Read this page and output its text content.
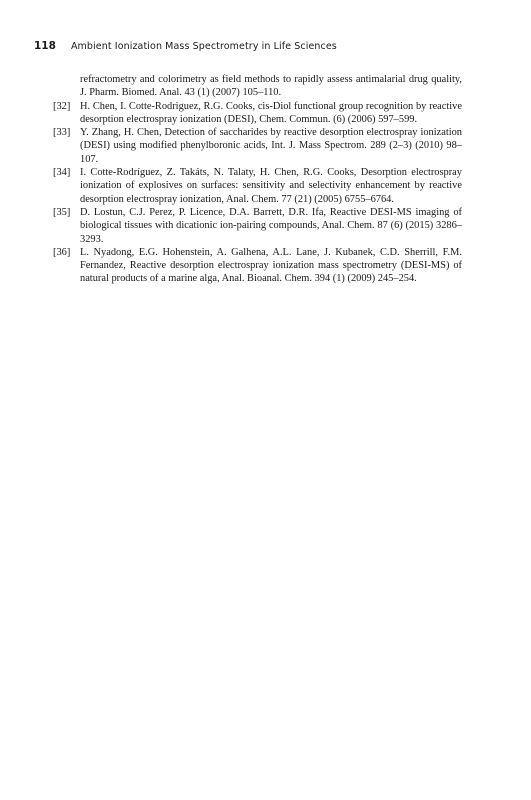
118 Ambient Ionization Mass Spectrometry in Life Sciences

refractometry and colorimetry as field methods to rapidly assess antimalarial drug quality, J. Pharm. Biomed. Anal. 43 (1) (2007) 105–110.

[32] H. Chen, I. Cotte-Rodriguez, R.G. Cooks, cis-Diol functional group recognition by reactive desorption electrospray ionization (DESI), Chem. Commun. (6) (2006) 597–599.

[33] Y. Zhang, H. Chen, Detection of saccharides by reactive desorption electrospray ionization (DESI) using modified phenylboronic acids, Int. J. Mass Spectrom. 289 (2–3) (2010) 98–107.

[34] I. Cotte-Rodríguez, Z. Takáts, N. Talaty, H. Chen, R.G. Cooks, Desorption electrospray ionization of explosives on surfaces: sensitivity and selectivity enhancement by reactive desorption electrospray ionization, Anal. Chem. 77 (21) (2005) 6755–6764.

[35] D. Lostun, C.J. Perez, P. Licence, D.A. Barrett, D.R. Ifa, Reactive DESI-MS imaging of biological tissues with dicationic ion-pairing compounds, Anal. Chem. 87 (6) (2015) 3286–3293.

[36] L. Nyadong, E.G. Hohenstein, A. Galhena, A.L. Lane, J. Kubanek, C.D. Sherrill, F.M. Fernandez, Reactive desorption electrospray ionization mass spectrometry (DESI-MS) of natural products of a marine alga, Anal. Bioanal. Chem. 394 (1) (2009) 245–254.
